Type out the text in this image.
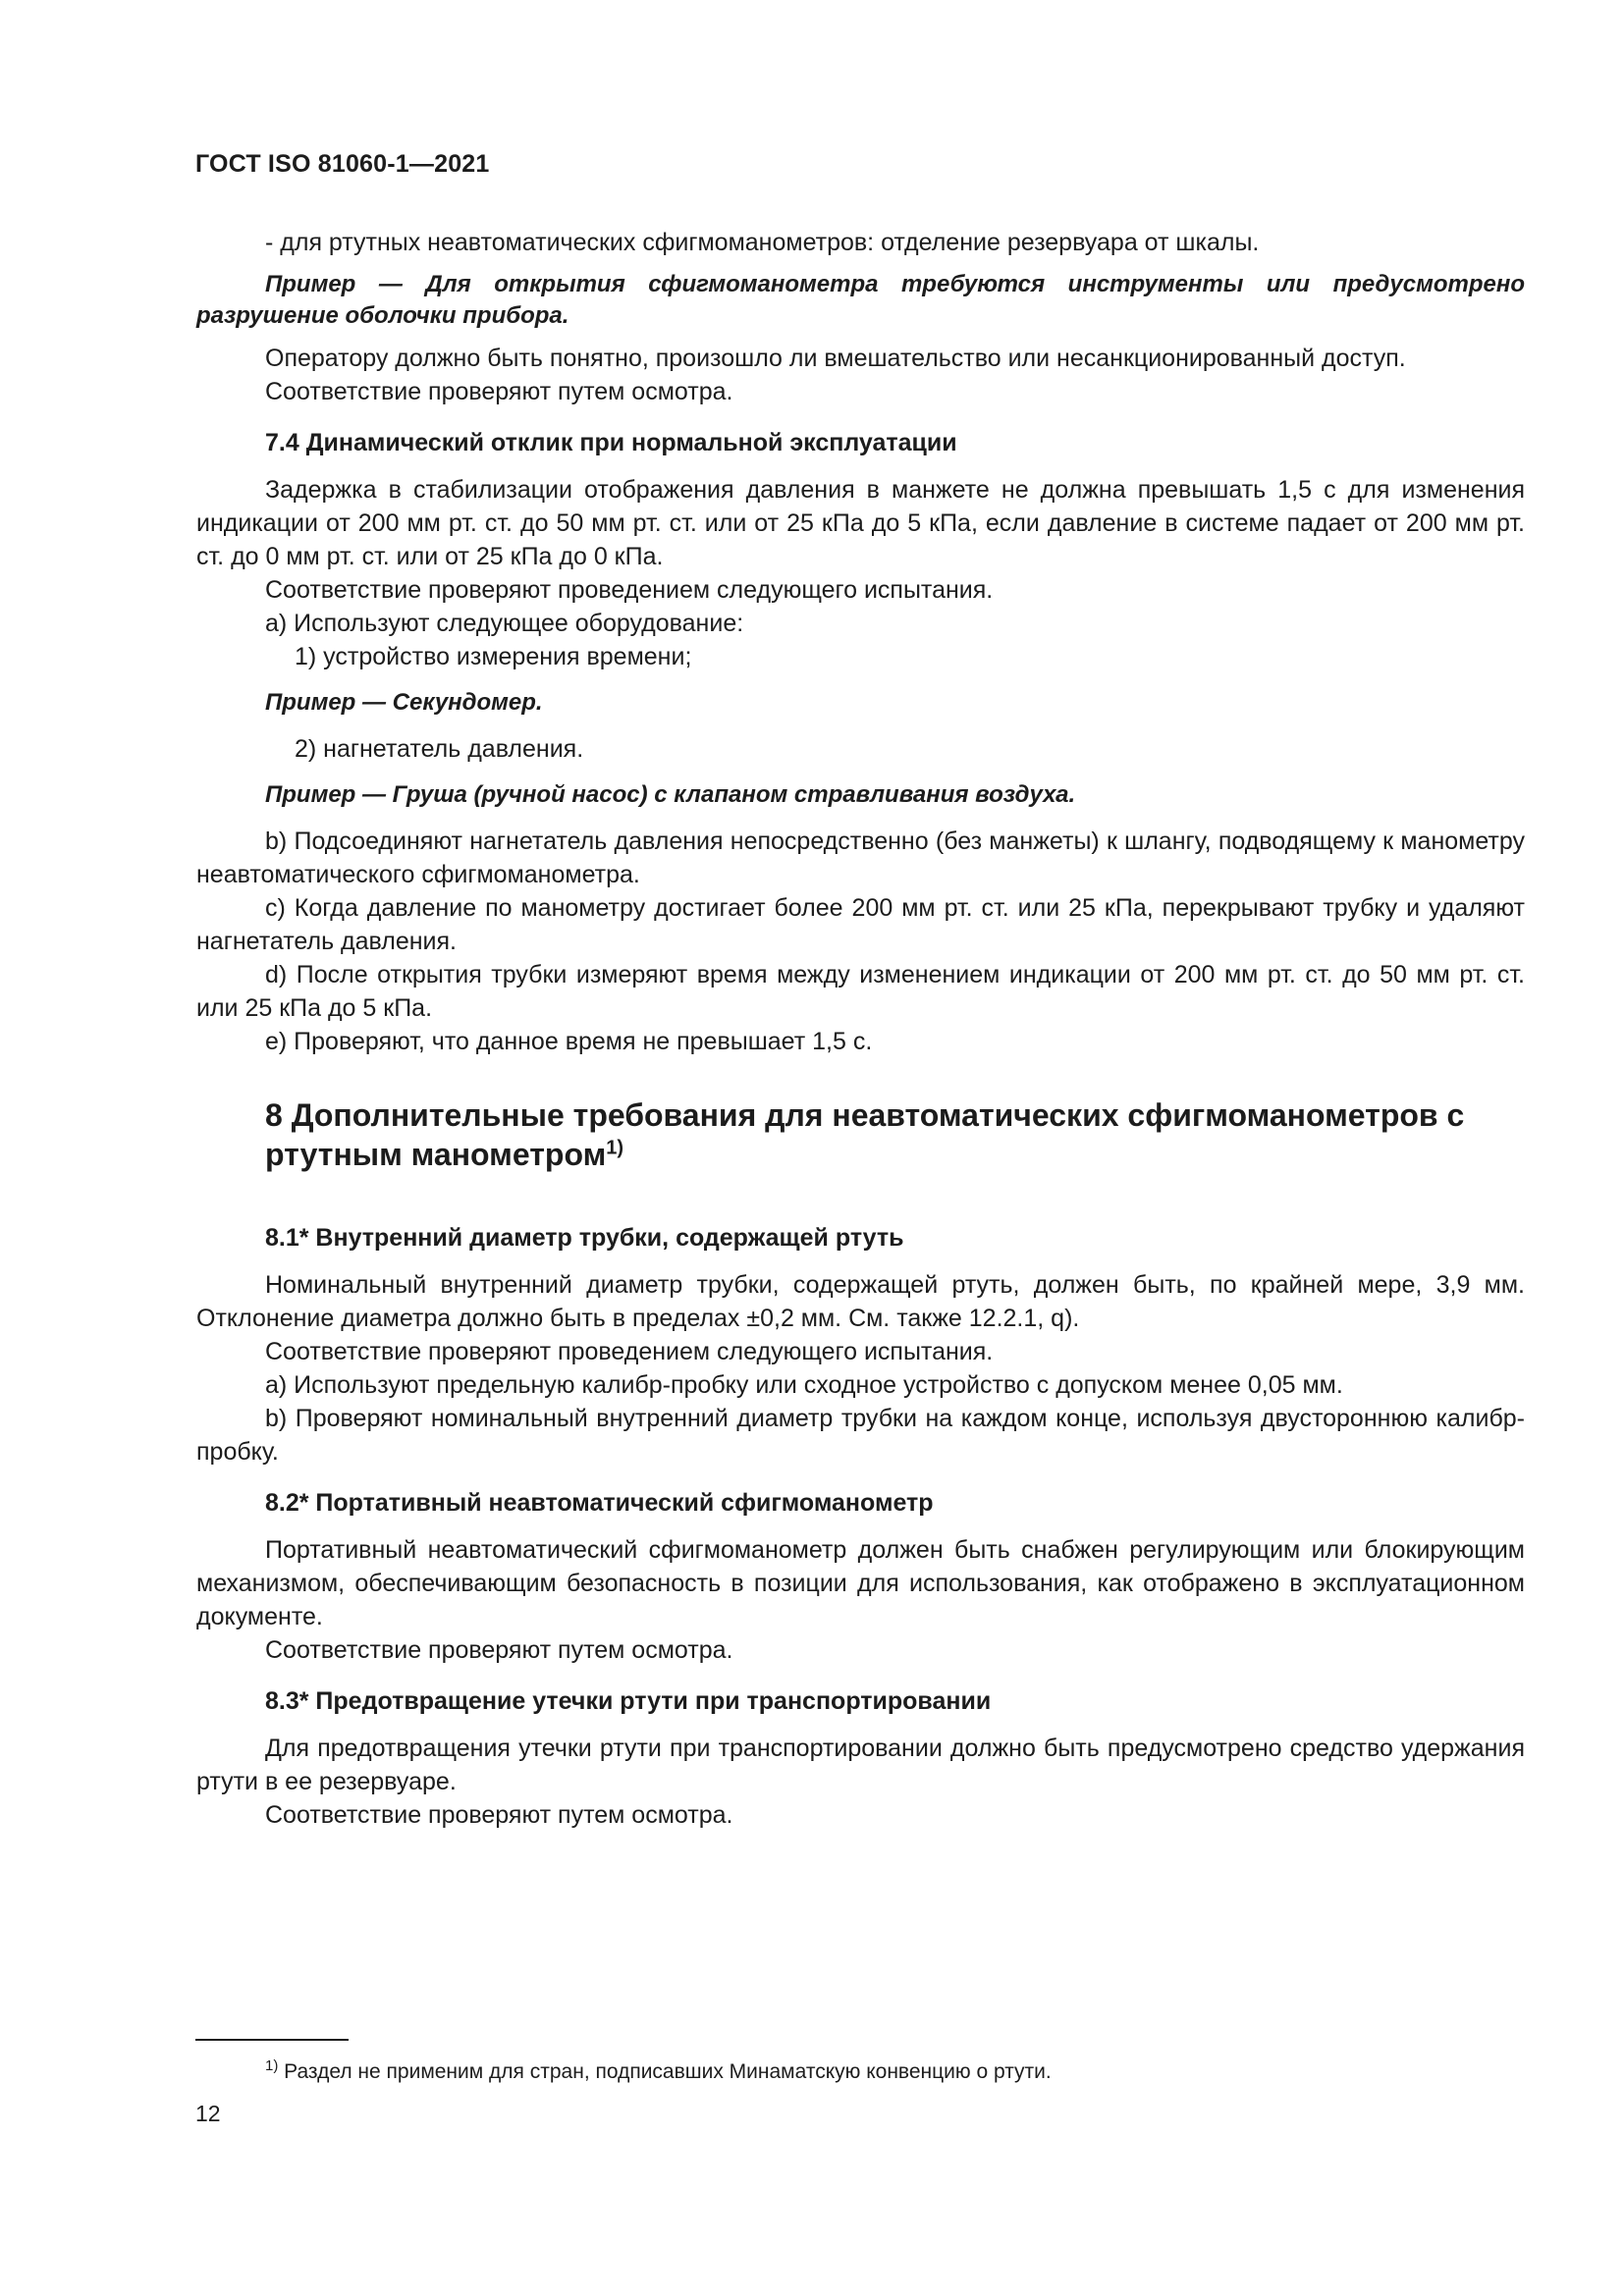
ГОСТ ISO 81060-1—2021

- для ртутных неавтоматических сфигмоманометров: отделение резервуара от шкалы.

Пример — Для открытия сфигмоманометра требуются инструменты или предусмотрено разрушение оболочки прибора.

Оператору должно быть понятно, произошло ли вмешательство или несанкционированный доступ.

Соответствие проверяют путем осмотра.

7.4 Динамический отклик при нормальной эксплуатации

Задержка в стабилизации отображения давления в манжете не должна превышать 1,5 с для изменения индикации от 200 мм рт. ст. до 50 мм рт. ст. или от 25 кПа до 5 кПа, если давление в системе падает от 200 мм рт. ст. до 0 мм рт. ст. или от 25 кПа до 0 кПа.

Соответствие проверяют проведением следующего испытания.

a) Используют следующее оборудование:

1) устройство измерения времени;

Пример — Секундомер.

2) нагнетатель давления.

Пример — Груша (ручной насос) с клапаном стравливания воздуха.

b) Подсоединяют нагнетатель давления непосредственно (без манжеты) к шлангу, подводящему к манометру неавтоматического сфигмоманометра.

c) Когда давление по манометру достигает более 200 мм рт. ст. или 25 кПа, перекрывают трубку и удаляют нагнетатель давления.

d) После открытия трубки измеряют время между изменением индикации от 200 мм рт. ст. до 50 мм рт. ст. или 25 кПа до 5 кПа.

e) Проверяют, что данное время не превышает 1,5 с.

8 Дополнительные требования для неавтоматических сфигмоманометров с ртутным манометром$^{1)}$

8.1* Внутренний диаметр трубки, содержащей ртуть

Номинальный внутренний диаметр трубки, содержащей ртуть, должен быть, по крайней мере, 3,9 мм. Отклонение диаметра должно быть в пределах ±0,2 мм. См. также 12.2.1, q).

Соответствие проверяют проведением следующего испытания.

a) Используют предельную калибр-пробку или сходное устройство с допуском менее 0,05 мм.

b) Проверяют номинальный внутренний диаметр трубки на каждом конце, используя двустороннюю калибр-пробку.

8.2* Портативный неавтоматический сфигмоманометр

Портативный неавтоматический сфигмоманометр должен быть снабжен регулирующим или блокирующим механизмом, обеспечивающим безопасность в позиции для использования, как отображено в эксплуатационном документе.

Соответствие проверяют путем осмотра.

8.3* Предотвращение утечки ртути при транспортировании

Для предотвращения утечки ртути при транспортировании должно быть предусмотрено средство удержания ртути в ее резервуаре.

Соответствие проверяют путем осмотра.

$^{1)}$ Раздел не применим для стран, подписавших Минаматскую конвенцию о ртути.
12
